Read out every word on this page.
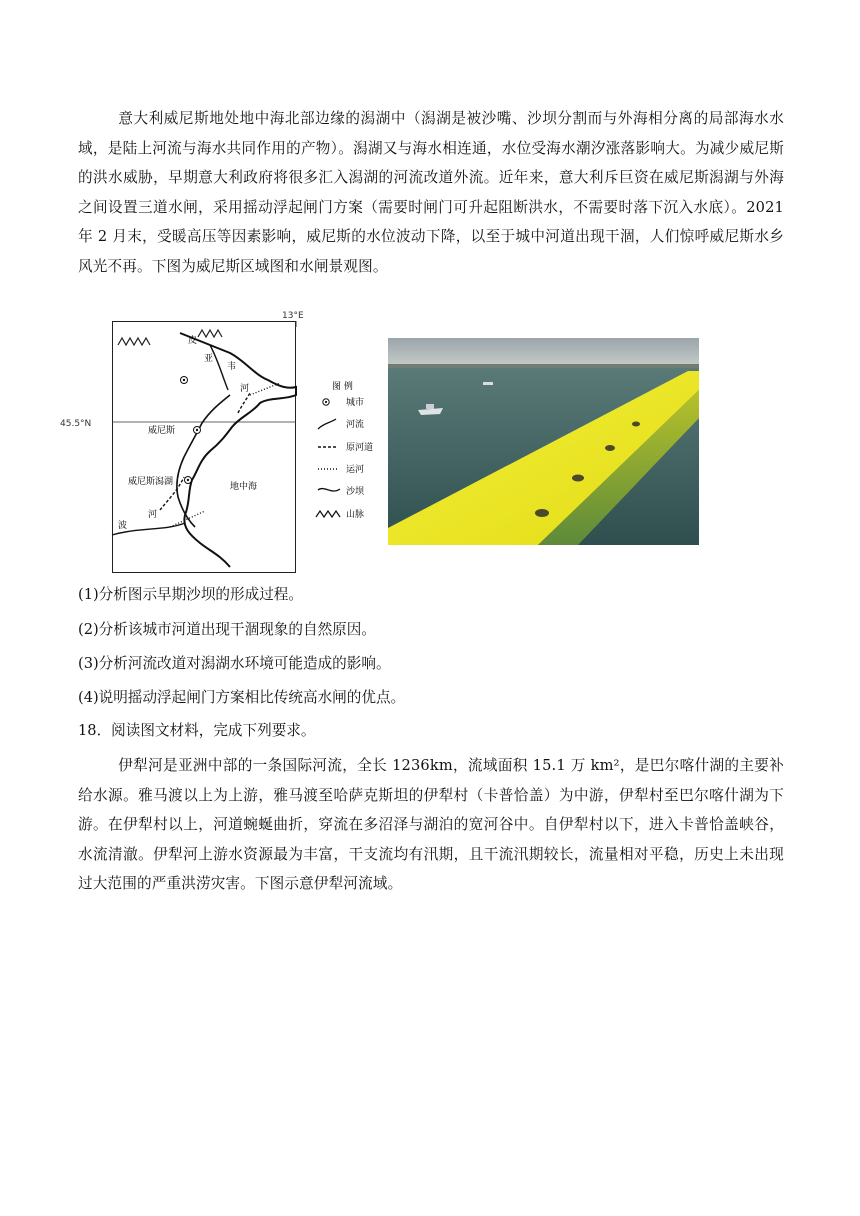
意大利威尼斯地处地中海北部边缘的潟湖中（潟湖是被沙嘴、沙坝分割而与外海相分离的局部海水水域，是陆上河流与海水共同作用的产物）。潟湖又与海水相连通，水位受海水潮汐涨落影响大。为减少威尼斯的洪水威胁，早期意大利政府将很多汇入潟湖的河流改道外流。近年来，意大利斥巨资在威尼斯潟湖与外海之间设置三道水闸，采用摇动浮起闸门方案（需要时闸门可升起阻断洪水，不需要时落下沉入水底）。2021 年 2 月末，受暖高压等因素影响，威尼斯的水位波动下降，以至于城中河道出现干涸，人们惊呼威尼斯水乡风光不再。下图为威尼斯区域图和水闸景观图。

13°E
45.5°N
皮
亚
韦
河
威尼斯
威尼斯潟湖	地中海
河
波
图 例
城市
河流
原河道
运河
沙坝
山脉

(1)分析图示早期沙坝的形成过程。

(2)分析该城市河道出现干涸现象的自然原因。

(3)分析河流改道对潟湖水环境可能造成的影响。

(4)说明摇动浮起闸门方案相比传统高水闸的优点。

18．阅读图文材料，完成下列要求。

伊犁河是亚洲中部的一条国际河流，全长 1236km，流域面积 15.1 万 km²，是巴尔喀什湖的主要补给水源。雅马渡以上为上游，雅马渡至哈萨克斯坦的伊犁村（卡普恰盖）为中游，伊犁村至巴尔喀什湖为下游。在伊犁村以上，河道蜿蜒曲折，穿流在多沼泽与湖泊的宽河谷中。自伊犁村以下，进入卡普恰盖峡谷，水流清澈。伊犁河上游水资源最为丰富，干支流均有汛期，且干流汛期较长，流量相对平稳，历史上未出现过大范围的严重洪涝灾害。下图示意伊犁河流域。
